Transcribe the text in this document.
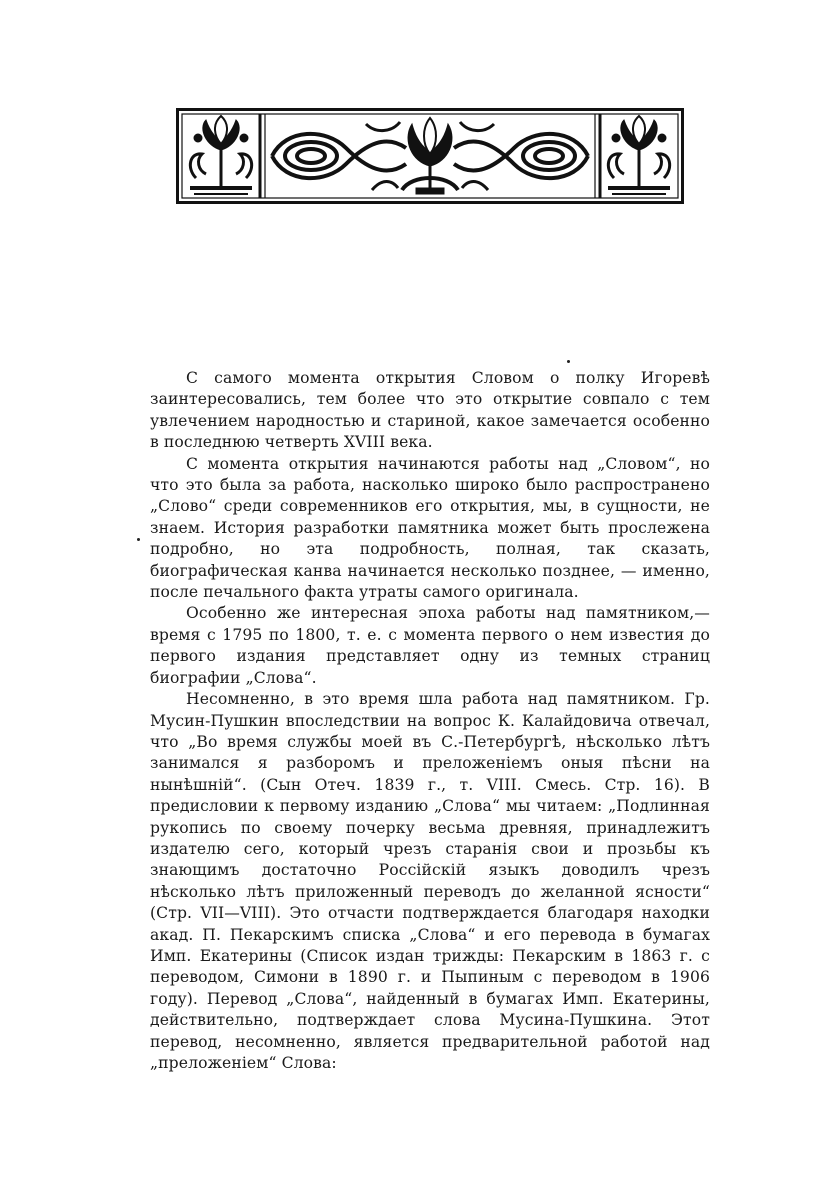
С самого момента открытия Словом о полку Игоревѣ заинтересовались, тем более что это открытие совпало с тем увлечением народностью и стариной, какое замечается особенно в последнюю четверть XVIII века.

С момента открытия начинаются работы над „Словом“, но что это была за работа, насколько широко было распространено „Слово“ среди современников его открытия, мы, в сущности, не знаем. История разработки памятника может быть прослежена подробно, но эта подробность, полная, так сказать, биографическая канва начинается несколько позднее, — именно, после печального факта утраты самого оригинала.

Особенно же интересная эпоха работы над памятником,— время с 1795 по 1800, т. е. с момента первого о нем известия до первого издания представляет одну из темных страниц биографии „Слова“.

Несомненно, в это время шла работа над памятником. Гр. Мусин-Пушкин впоследствии на вопрос К. Калайдовича отвечал, что „Во время службы моей въ С.-Петербургѣ, нѣсколько лѣтъ занимался я разборомъ и преложеніемъ оныя пѣсни на нынѣшній“. (Сын Отеч. 1839 г., т. VIII. Смесь. Стр. 16). В предисловии к первому изданию „Слова“ мы читаем: „Подлинная рукопись по своему почерку весьма древняя, принадлежитъ издателю сего, который чрезъ старанія свои и прозьбы къ знающимъ достаточно Россійскій языкъ доводилъ чрезъ нѣсколько лѣтъ приложенный переводъ до желанной ясности“ (Стр. VII—VIII). Это отчасти подтверждается благодаря находки акад. П. Пекарскимъ списка „Слова“ и его перевода в бумагах Имп. Екатерины (Список издан трижды: Пекарским в 1863 г. с переводом, Симони в 1890 г. и Пыпиным с переводом в 1906 году). Перевод „Слова“, найденный в бумагах Имп. Екатерины, действительно, подтверждает слова Мусина-Пушкина. Этот перевод, несомненно, является предварительной работой над „преложеніем“ Слова:
